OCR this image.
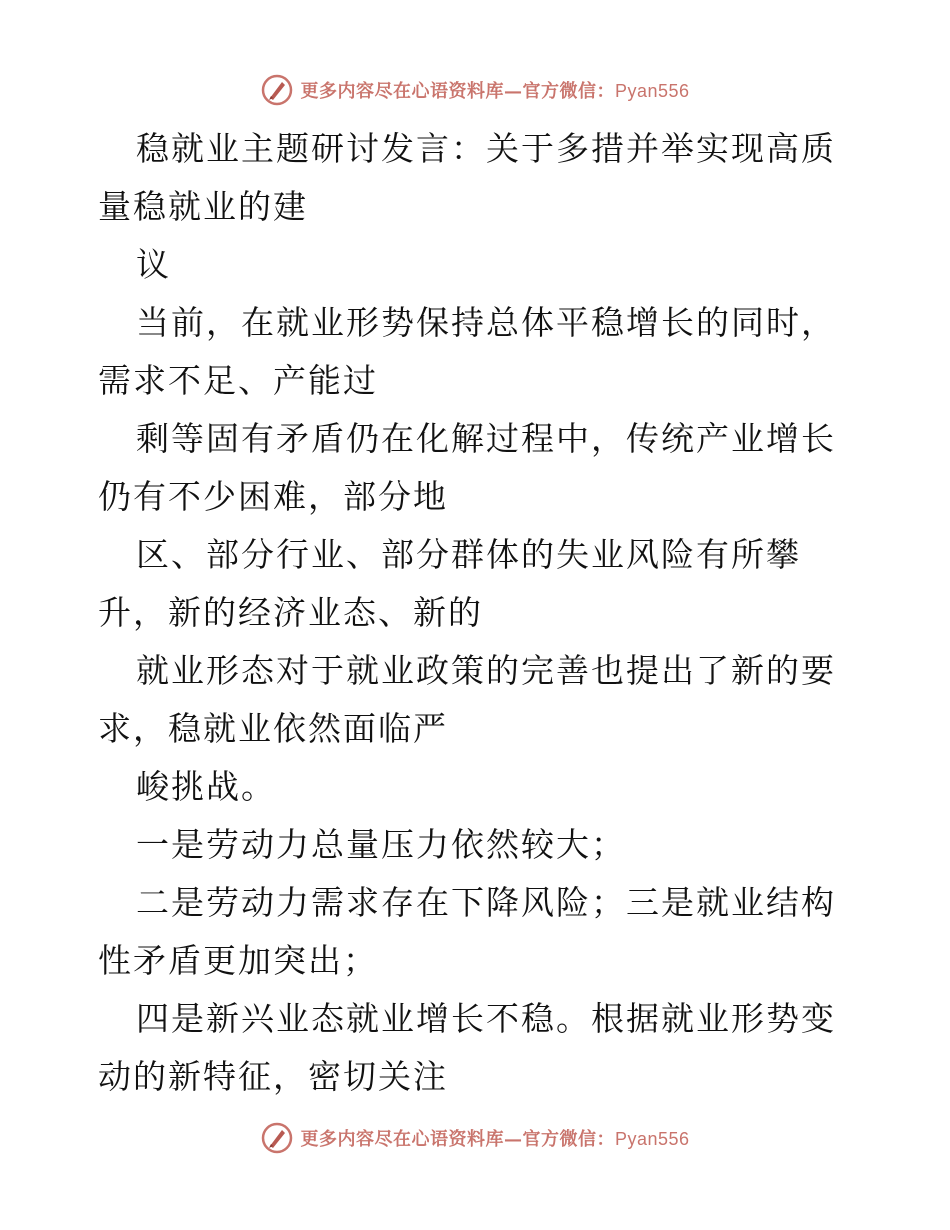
更多内容尽在心语资料库—官方微信：Pyan556

稳就业主题研讨发言：关于多措并举实现高质量稳就业的建

议

当前，在就业形势保持总体平稳增长的同时，需求不足、产能过

剩等固有矛盾仍在化解过程中，传统产业增长仍有不少困难，部分地

区、部分行业、部分群体的失业风险有所攀升，新的经济业态、新的

就业形态对于就业政策的完善也提出了新的要求，稳就业依然面临严

峻挑战。

一是劳动力总量压力依然较大；

二是劳动力需求存在下降风险；三是就业结构性矛盾更加突出；

四是新兴业态就业增长不稳。根据就业形势变动的新特征，密切关注

更多内容尽在心语资料库—官方微信：Pyan556
